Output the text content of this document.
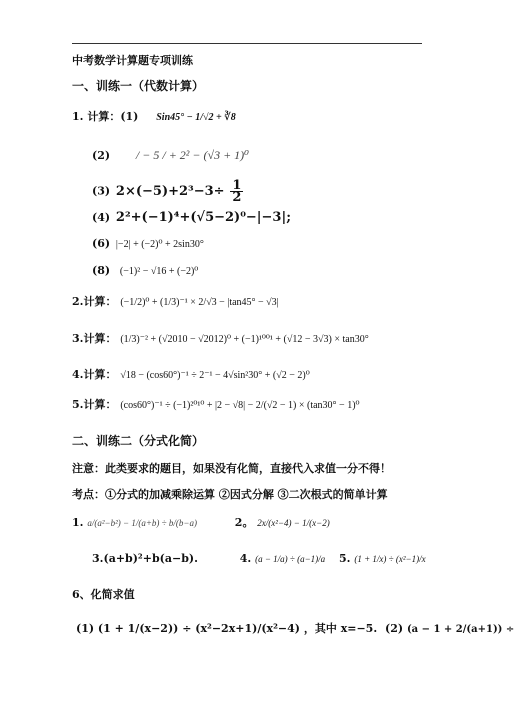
中考数学计算题专项训练
一、训练一（代数计算）
1. 计算：(1) Sin45° − 1/√2 + ∛8
(2) / − 5 / + 2² − (√3 + 1)⁰
(3) $2\times(-5)+2^3-3\div \frac{1}{2}$
(4) 2²+(−1)⁴+(√5−2)⁰−|−3|;
(6) |−2| + (−2)⁰ + 2sin30°
(8) (−1)² − √16 + (−2)⁰
2.计算： (−1/2)⁰ + (1/3)⁻¹ × 2/√3 − |tan45° − √3|
3.计算： (1/3)⁻² + (√2010 − √2012)⁰ + (−1)¹⁰⁰¹ + (√12 − 3√3) × tan30°
4.计算： √18 − (cos60°)⁻¹ ÷ 2⁻¹ − 4√sin²30° + (√2 − 2)⁰
5.计算： (cos60°)⁻¹ ÷ (−1)²⁰¹⁰ + |2 − √8| − 2/(√2 − 1) × (tan30° − 1)⁰
二、训练二（分式化简）
注意：此类要求的题目，如果没有化简，直接代入求值一分不得！
考点：①分式的加减乘除运算 ②因式分解 ③二次根式的简单计算
1. a/(a²−b²) − 1/(a+b) ÷ b/(b−a)	2。 2x/(x²−4) − 1/(x−2)
3.(a+b)²+b(a−b).	4. (a − 1/a) ÷ (a−1)/a 5. (1 + 1/x) ÷ (x²−1)/x
6、化简求值
(1) (1 + 1/(x−2)) ÷ (x²−2x+1)/(x²−4) ，其中 x=−5. (2) (a − 1 + 2/(a+1)) ÷
